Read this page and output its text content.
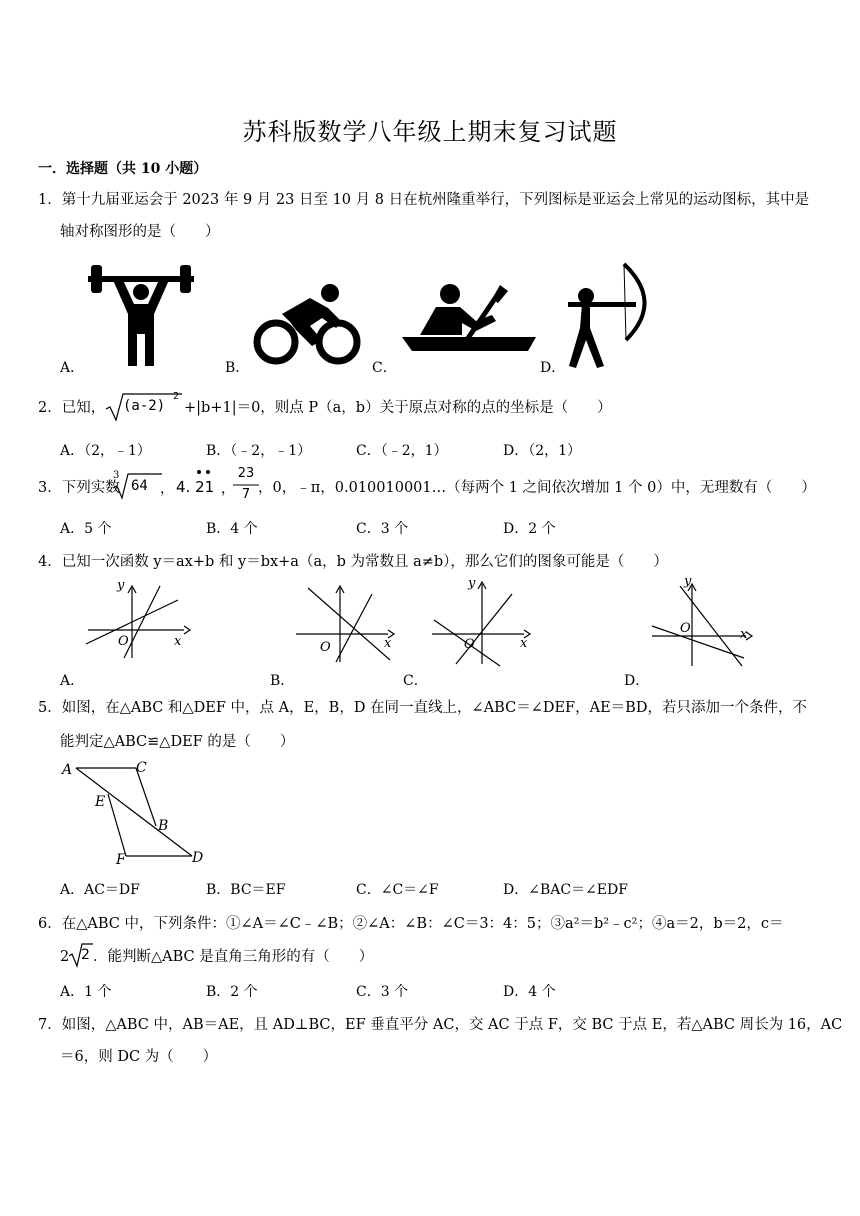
苏科版数学八年级上期末复习试题
一．选择题（共 10 小题）
1．第十九届亚运会于 2023 年 9 月 23 日至 10 月 8 日在杭州隆重举行，下列图标是亚运会上常见的运动图标，其中是
轴对称图形的是（　　）
A．	B．	C．	D．
2．已知， (a-2)
2
+|b+1|＝0，则点 P（a，b）关于原点对称的点的坐标是（　　）
A．（2，﹣1）	B．（﹣2，﹣1）	C．（﹣2，1）	D．（2，1）
3．下列实数
3
64 ， 4. 21 ，
23
7 ，0，﹣π，0.010010001…（每两个 1 之间依次增加 1 个 0）中，无理数有（　　）
A．5 个	B．4 个	C．3 个	D．2 个
4．已知一次函数 y＝ax+b 和 y＝bx+a（a，b 为常数且 a≠b），那么它们的图象可能是（　　）
y
x
O	O	x
y
O	x
y
O	x
A．	B．	C．	D．
5．如图，在△ABC 和△DEF 中，点 A，E，B，D 在同一直线上，∠ABC＝∠DEF，AE＝BD，若只添加一个条件，不
能判定△ABC≌△DEF 的是（　　）
A	C
E
B
F	D
A．AC＝DF	B．BC＝EF	C．∠C＝∠F	D．∠BAC＝∠EDF
6．在△ABC 中，下列条件：①∠A＝∠C﹣∠B；②∠A：∠B：∠C＝3：4：5；③a²＝b²﹣c²；④a＝2，b＝2，c＝
2 2 ．能判断△ABC 是直角三角形的有（　　）
A．1 个	B．2 个	C．3 个	D．4 个
7．如图，△ABC 中，AB＝AE，且 AD⊥BC，EF 垂直平分 AC，交 AC 于点 F，交 BC 于点 E，若△ABC 周长为 16，AC
＝6，则 DC 为（　　）
